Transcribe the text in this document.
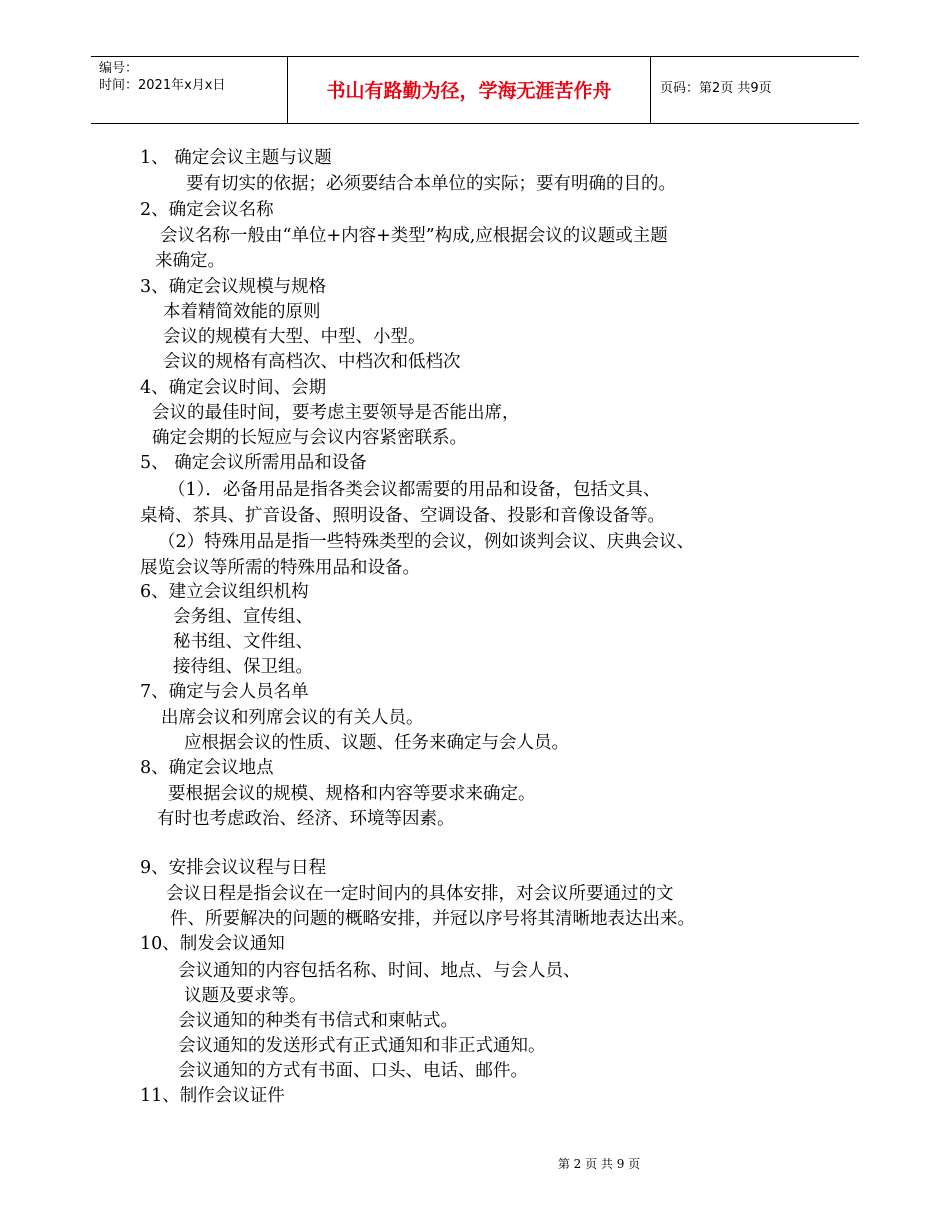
编号：
时间：2021年x月x日	书山有路勤为径，学海无涯苦作舟	页码：第2页 共9页
1、 确定会议主题与议题
要有切实的依据；必须要结合本单位的实际；要有明确的目的。
2、确定会议名称
会议名称一般由“单位+内容+类型”构成,应根据会议的议题或主题
来确定。
3、确定会议规模与规格
本着精简效能的原则
会议的规模有大型、中型、小型。
会议的规格有高档次、中档次和低档次
4、确定会议时间、会期
会议的最佳时间，要考虑主要领导是否能出席，
确定会期的长短应与会议内容紧密联系。
5、 确定会议所需用品和设备
（1）．必备用品是指各类会议都需要的用品和设备，包括文具、
桌椅、茶具、扩音设备、照明设备、空调设备、投影和音像设备等。
（2）特殊用品是指一些特殊类型的会议，例如谈判会议、庆典会议、
展览会议等所需的特殊用品和设备。
6、建立会议组织机构
会务组、宣传组、
秘书组、文件组、
接待组、保卫组。
7、确定与会人员名单
出席会议和列席会议的有关人员。
应根据会议的性质、议题、任务来确定与会人员。
8、确定会议地点
要根据会议的规模、规格和内容等要求来确定。
有时也考虑政治、经济、环境等因素。
9、安排会议议程与日程
会议日程是指会议在一定时间内的具体安排，对会议所要通过的文
件、所要解决的问题的概略安排，并冠以序号将其清晰地表达出来。
10、制发会议通知
会议通知的内容包括名称、时间、地点、与会人员、
议题及要求等。
会议通知的种类有书信式和柬帖式。
会议通知的发送形式有正式通知和非正式通知。
会议通知的方式有书面、口头、电话、邮件。
11、制作会议证件
第 2 页 共 9 页
